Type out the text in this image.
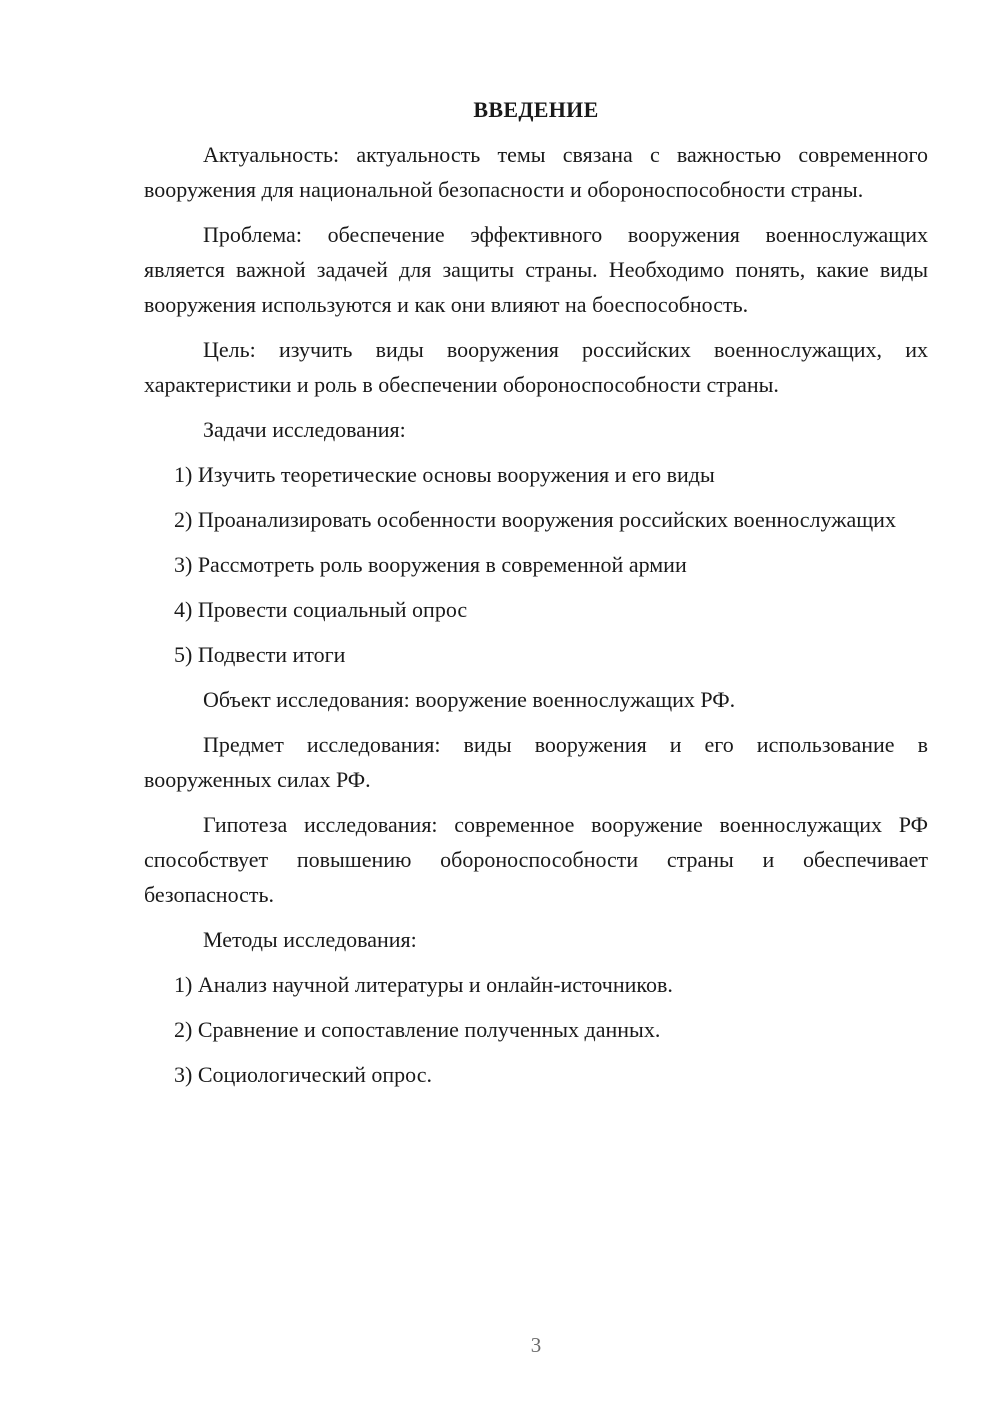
ВВЕДЕНИЕ

Актуальность: актуальность темы связана с важностью современного вооружения для национальной безопасности и обороноспособности страны.

Проблема: обеспечение эффективного вооружения военнослужащих является важной задачей для защиты страны. Необходимо понять, какие виды вооружения используются и как они влияют на боеспособность.

Цель: изучить виды вооружения российских военнослужащих, их характеристики и роль в обеспечении обороноспособности страны.

Задачи исследования:

1) Изучить теоретические основы вооружения и его виды

2) Проанализировать особенности вооружения российских военнослужащих

3) Рассмотреть роль вооружения в современной армии

4) Провести социальный опрос

5) Подвести итоги

Объект исследования: вооружение военнослужащих РФ.

Предмет исследования: виды вооружения и его использование в вооруженных силах РФ.

Гипотеза исследования: современное вооружение военнослужащих РФ способствует повышению обороноспособности страны и обеспечивает безопасность.

Методы исследования:

1) Анализ научной литературы и онлайн-источников.

2) Сравнение и сопоставление полученных данных.

3) Социологический опрос.

3
